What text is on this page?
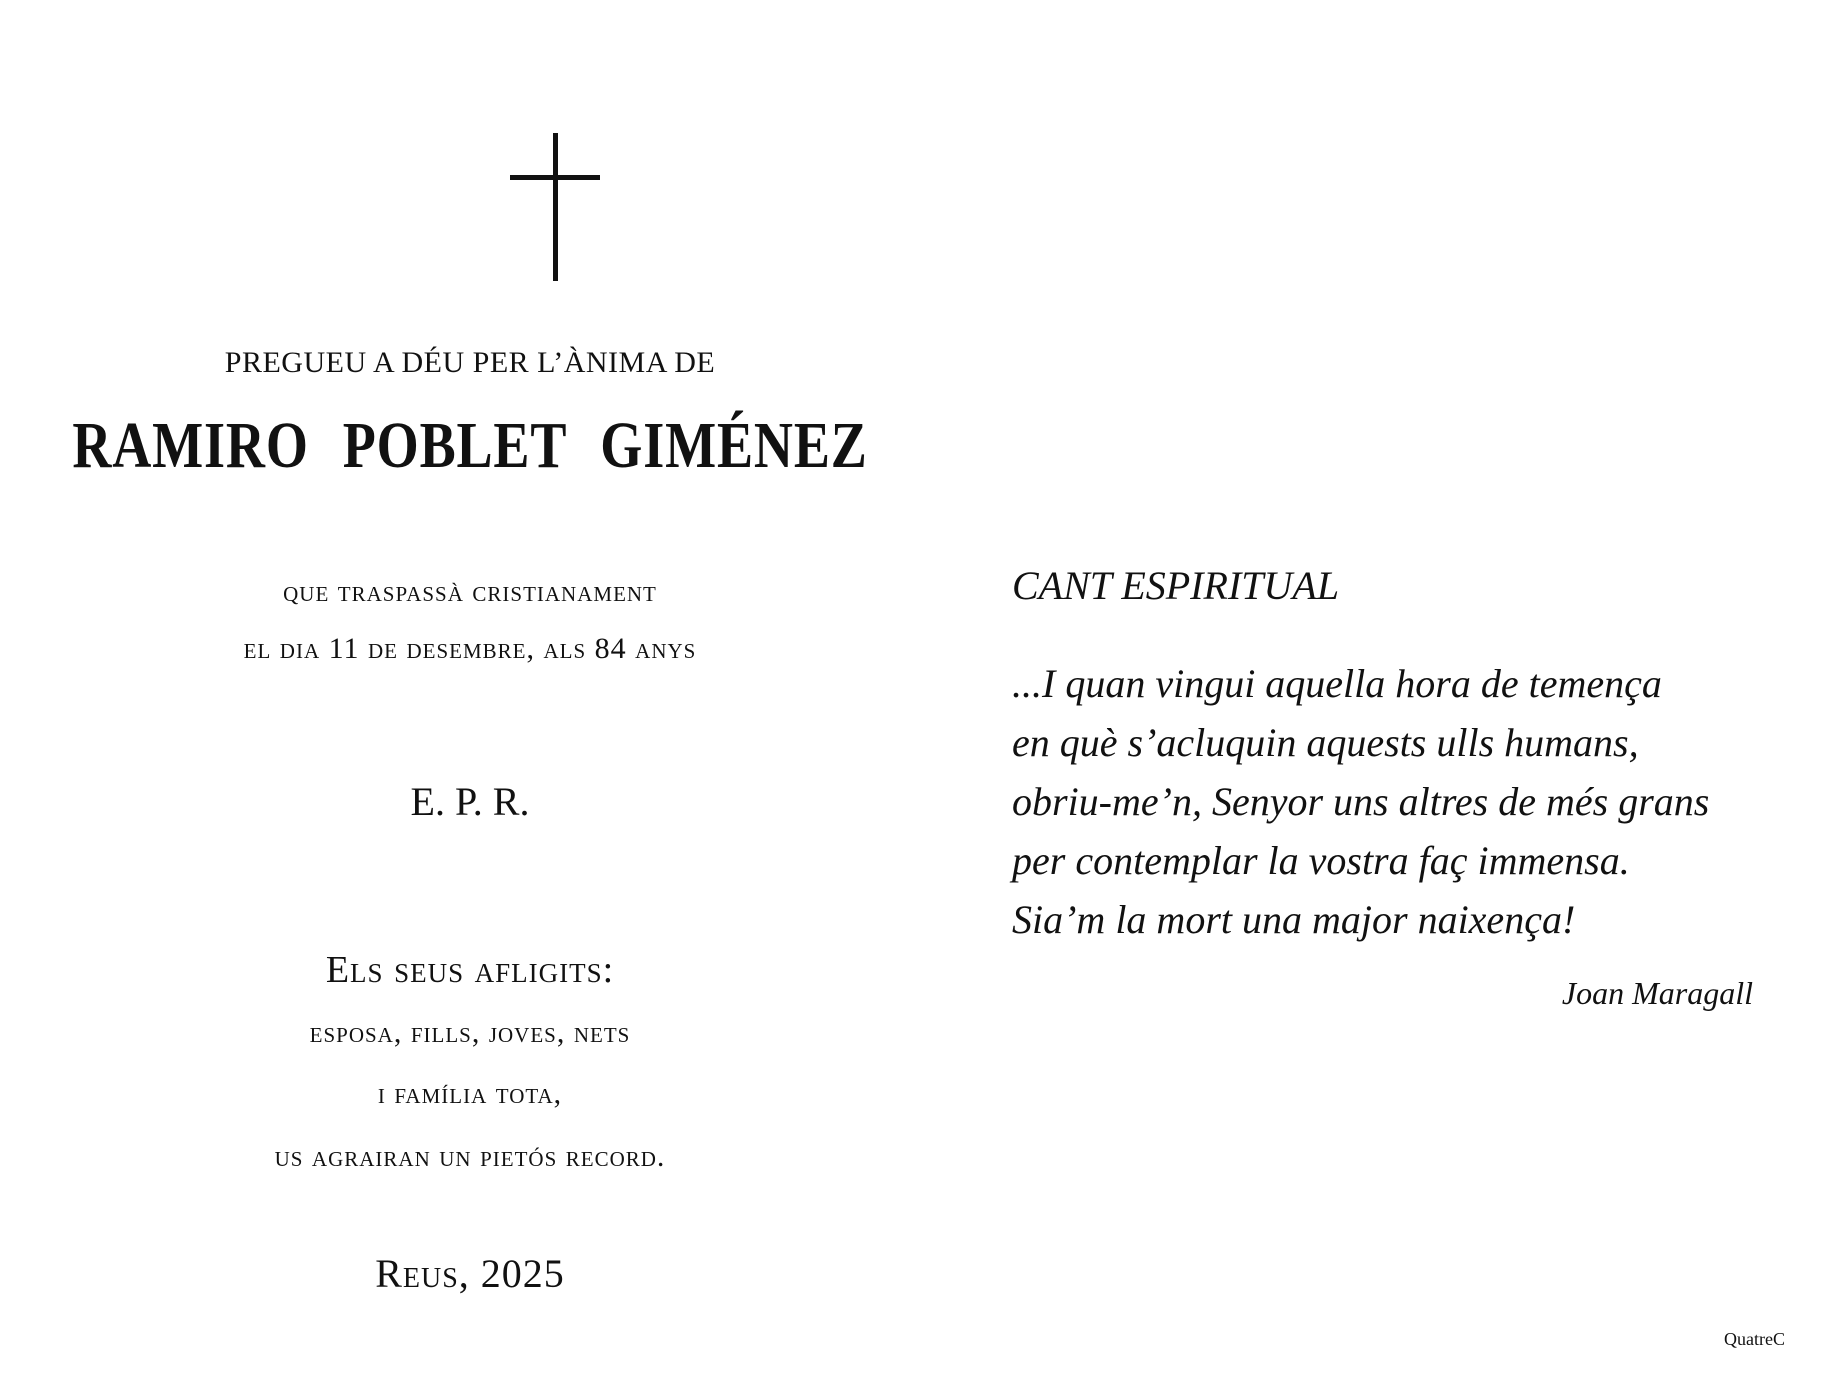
PREGUEU A DÉU PER L’ÀNIMA DE
RAMIRO POBLET GIMÉNEZ
que traspassà cristianament
el dia 11 de desembre, als 84 anys
E. P. R.
Els seus afligits:
esposa, fills, joves, nets
i família tota,
us agrairan un pietós record.
Reus, 2025
CANT ESPIRITUAL
...I quan vingui aquella hora de temença
en què s’acluquin aquests ulls humans,
obriu-me’n, Senyor uns altres de més grans
per contemplar la vostra faç immensa.
Sia’m la mort una major naixença!
Joan Maragall
QuatreC
